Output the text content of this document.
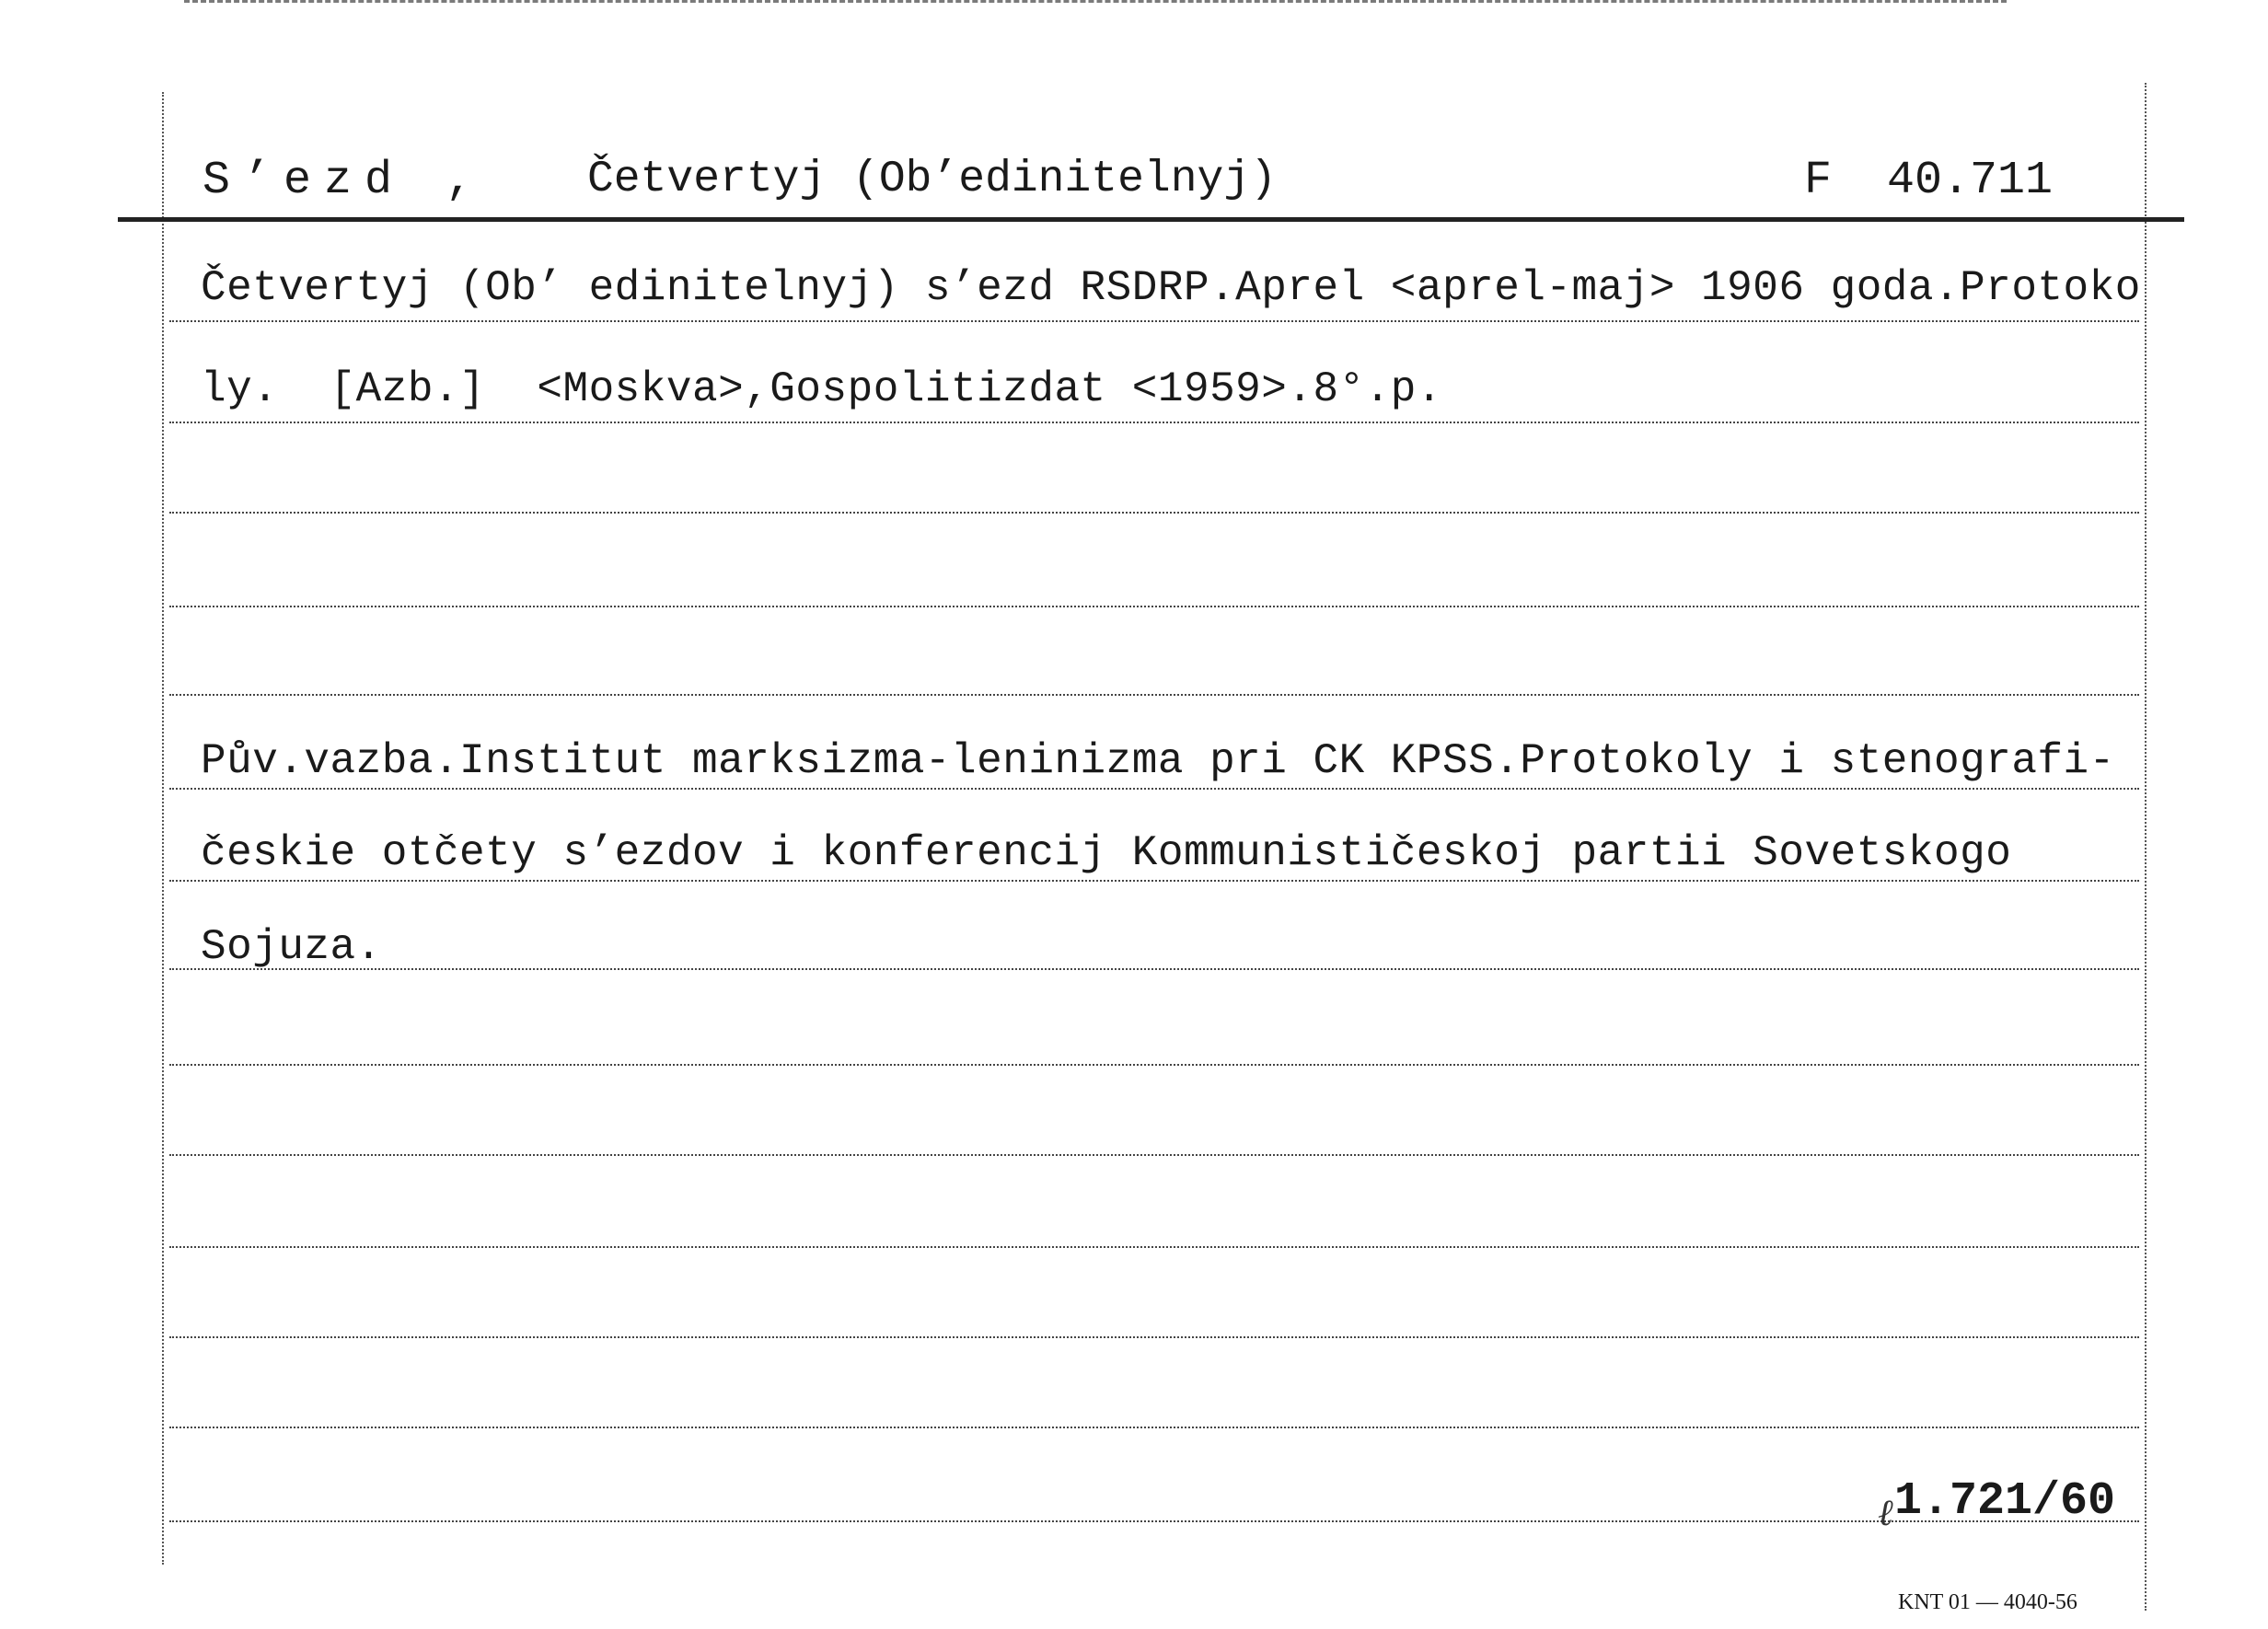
S’ezd , Četvertyj (Ob’edinitelnyj)	F  40.711
Četvertyj (Ob’ edinitelnyj) s’ezd RSDRP.Aprel <aprel-maj> 1906 goda.Protoko
ly.  [Azb.]  <Moskva>,Gospolitizdat <1959>.8°.p.
Pův.vazba.Institut marksizma-leninizma pri CK KPSS.Protokoly i stenografi-
českie otčety s’ezdov i konferencij Kommunističeskoj partii Sovetskogo
Sojuza.
ℓ 1.721/60
KNT 01 — 4040-56
